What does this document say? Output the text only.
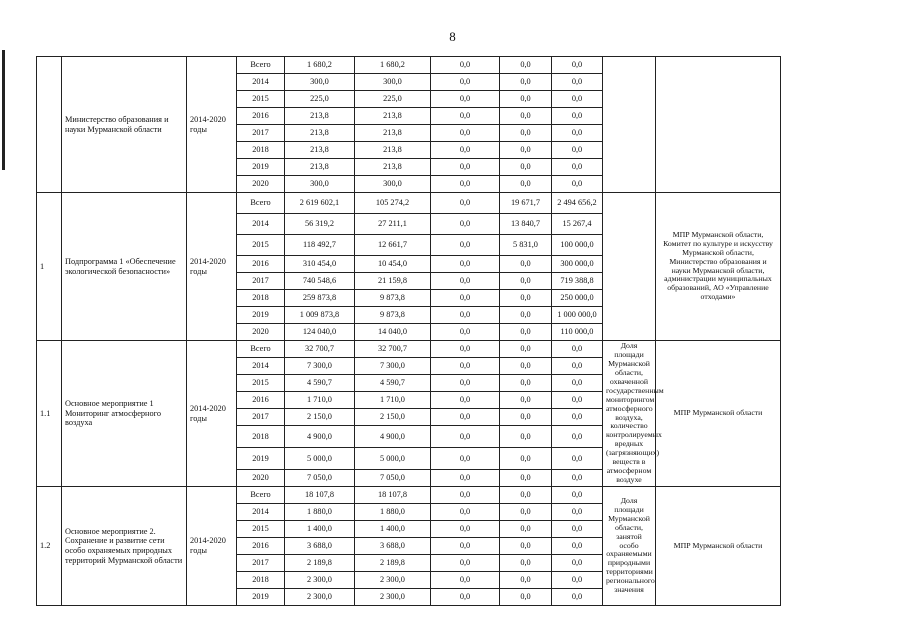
8
	Министерство образования и науки Мурманской области	2014-2020 годы	Всего	1 680,2	1 680,2	0,0	0,0	0,0		
			2014	300,0	300,0	0,0	0,0	0,0		
			2015	225,0	225,0	0,0	0,0	0,0		
			2016	213,8	213,8	0,0	0,0	0,0		
			2017	213,8	213,8	0,0	0,0	0,0		
			2018	213,8	213,8	0,0	0,0	0,0		
			2019	213,8	213,8	0,0	0,0	0,0		
			2020	300,0	300,0	0,0	0,0	0,0		
1	Подпрограмма 1 «Обеспечение экологической безопасности»	2014-2020 годы	Всего	2 619 602,1	105 274,2	0,0	19 671,7	2 494 656,2		МПР Мурманской области, Комитет по культуре и искусству Мурманской области, Министерство образования и науки Мурманской области, администрации муниципальных образований, АО «Управление отходами»
			2014	56 319,2	27 211,1	0,0	13 840,7	15 267,4		
			2015	118 492,7	12 661,7	0,0	5 831,0	100 000,0		
			2016	310 454,0	10 454,0	0,0	0,0	300 000,0		
			2017	740 548,6	21 159,8	0,0	0,0	719 388,8		
			2018	259 873,8	9 873,8	0,0	0,0	250 000,0		
			2019	1 009 873,8	9 873,8	0,0	0,0	1 000 000,0		
			2020	124 040,0	14 040,0	0,0	0,0	110 000,0		
1.1	Основное мероприятие 1 Мониторинг атмосферного воздуха	2014-2020 годы	Всего	32 700,7	32 700,7	0,0	0,0	0,0	Доля площади Мурманской области, охваченной государственным мониторингом атмосферного воздуха, количество контролируемых вредных (загрязняющих) веществ в атмосферном воздухе	МПР Мурманской области
			2014	7 300,0	7 300,0	0,0	0,0	0,0		
			2015	4 590,7	4 590,7	0,0	0,0	0,0		
			2016	1 710,0	1 710,0	0,0	0,0	0,0		
			2017	2 150,0	2 150,0	0,0	0,0	0,0		
			2018	4 900,0	4 900,0	0,0	0,0	0,0		
			2019	5 000,0	5 000,0	0,0	0,0	0,0		
			2020	7 050,0	7 050,0	0,0	0,0	0,0		
1.2	Основное мероприятие 2. Сохранение и развитие сети особо охраняемых природных территорий Мурманской области	2014-2020 годы	Всего	18 107,8	18 107,8	0,0	0,0	0,0	Доля площади Мурманской области, занятой особо охраняемыми природными территориями регионального значения	МПР Мурманской области
			2014	1 880,0	1 880,0	0,0	0,0	0,0		
			2015	1 400,0	1 400,0	0,0	0,0	0,0		
			2016	3 688,0	3 688,0	0,0	0,0	0,0		
			2017	2 189,8	2 189,8	0,0	0,0	0,0		
			2018	2 300,0	2 300,0	0,0	0,0	0,0		
			2019	2 300,0	2 300,0	0,0	0,0	0,0		
